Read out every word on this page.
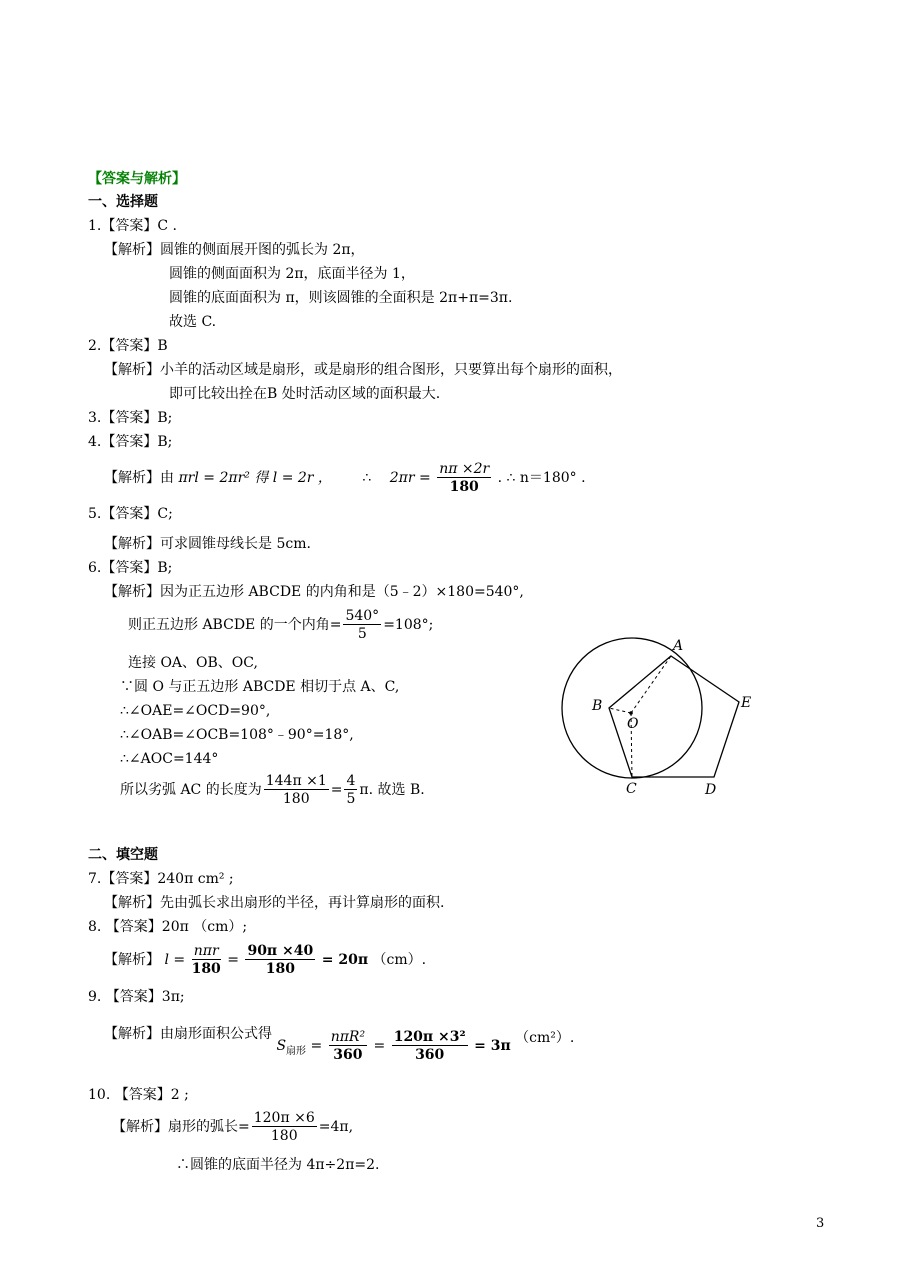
【答案与解析】
一、选择题
1.【答案】C .
【解析】圆锥的侧面展开图的弧长为 2π，
圆锥的侧面面积为 2π，底面半径为 1，
圆锥的底面面积为 π，则该圆锥的全面积是 2π+π=3π.
故选 C.
2.【答案】B
【解析】小羊的活动区域是扇形，或是扇形的组合图形，只要算出每个扇形的面积，
即可比较出拴在B 处时活动区域的面积最大.
3.【答案】B;
4.【答案】B;
【解析】由 πrl = 2πr² 得 l = 2r ， ∴ $2\pi r = \frac{n\pi \times 2r}{180}$ . ∴ n＝180° .
5.【答案】C;
【解析】可求圆锥母线长是 5cm.
6.【答案】B;
【解析】因为正五边形 ABCDE 的内角和是（5﹣2）×180=540°,
则正五边形 ABCDE 的一个内角= $\frac{540^\circ}{5} =108^\circ$;
连接 OA、OB、OC,
∵圆 O 与正五边形 ABCDE 相切于点 A、C,
∴∠OAE=∠OCD=90°,
∴∠OAB=∠OCB=108°﹣90°=18°,
∴∠AOC=144°
所以劣弧 AC 的长度为 $\frac{144\pi \times 1}{180} = \frac{4}{5} \pi$. 故选 B.
A
B
C	D
E
O
二、填空题
7.【答案】240π cm² ;
【解析】先由弧长求出扇形的半径，再计算扇形的面积.
8. 【答案】20π （cm）;
【解析】 $l = \frac{\text{nπr}}{180} = \frac{90\pi \times 40}{180} = 20\pi$ （cm）.
9. 【答案】3π;
【解析】由扇形面积公式得 $S_{扇形} = \frac{\text{nπR²}}{360} = \frac{\text{120π ×3²}}{360} = 3\pi$ （cm²）.
10. 【答案】2 ;
【解析】扇形的弧长= $\frac{120\pi \times 6}{180} =4\pi$,
∴圆锥的底面半径为 4π÷2π=2.
3
